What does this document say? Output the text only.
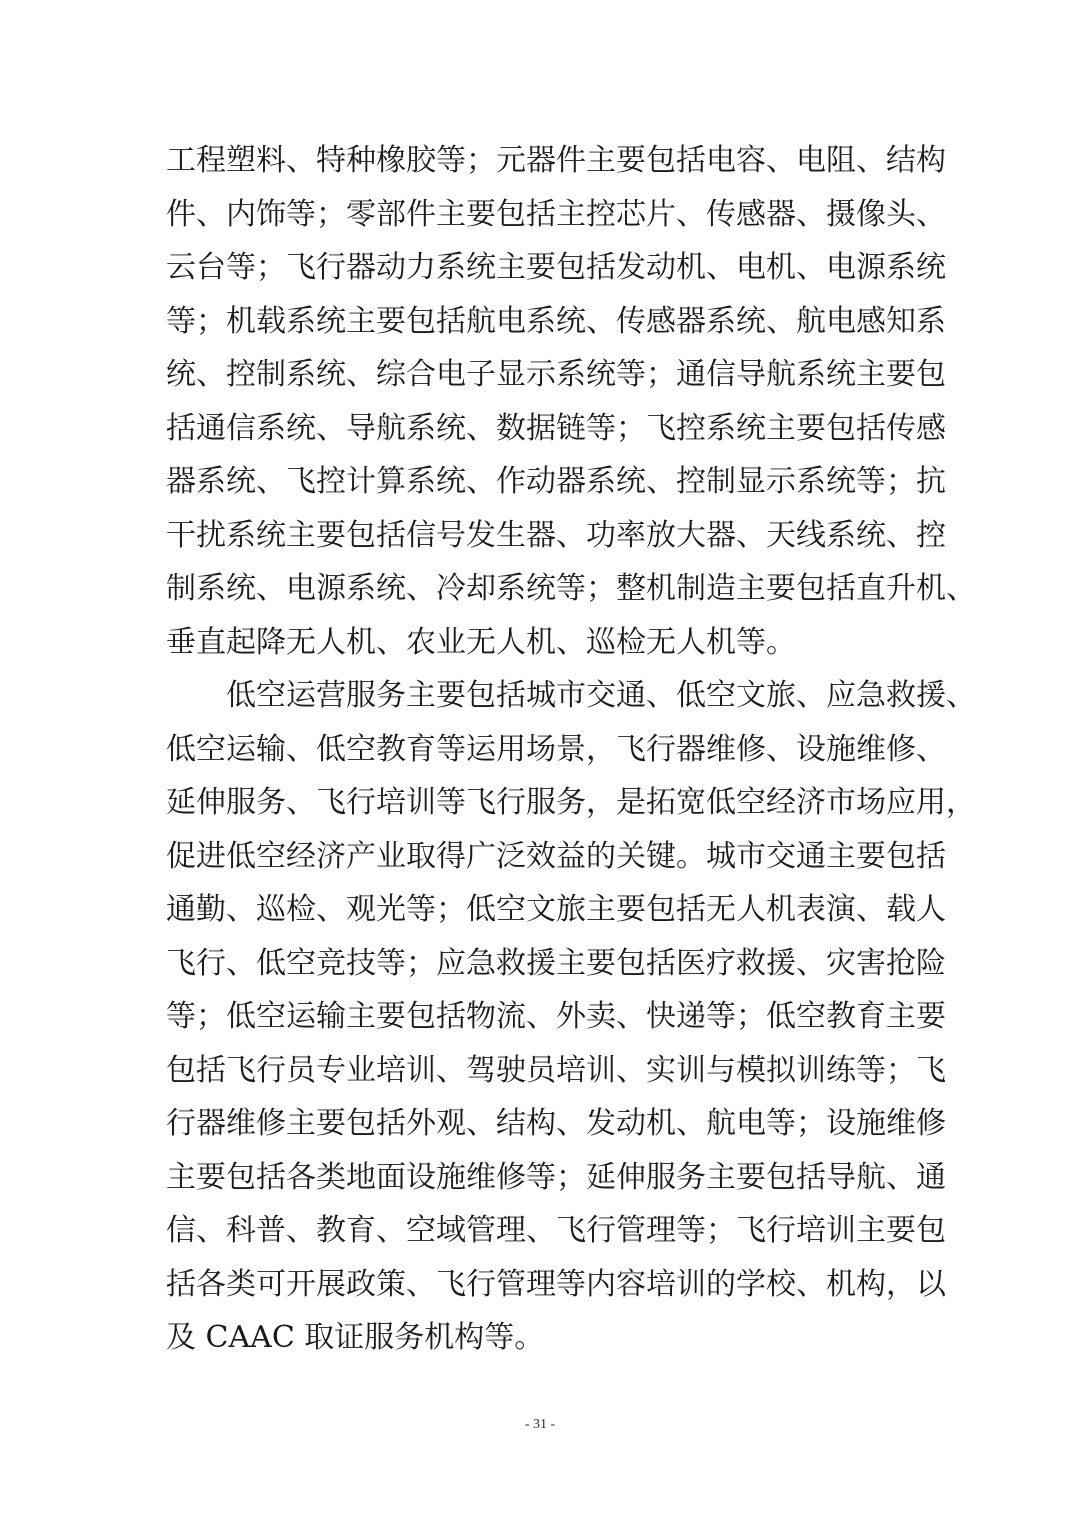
工程塑料、特种橡胶等；元器件主要包括电容、电阻、结构
件、内饰等；零部件主要包括主控芯片、传感器、摄像头、
云台等；飞行器动力系统主要包括发动机、电机、电源系统
等；机载系统主要包括航电系统、传感器系统、航电感知系
统、控制系统、综合电子显示系统等；通信导航系统主要包
括通信系统、导航系统、数据链等；飞控系统主要包括传感
器系统、飞控计算系统、作动器系统、控制显示系统等；抗
干扰系统主要包括信号发生器、功率放大器、天线系统、控
制系统、电源系统、冷却系统等；整机制造主要包括直升机、
垂直起降无人机、农业无人机、巡检无人机等。
低空运营服务主要包括城市交通、低空文旅、应急救援、
低空运输、低空教育等运用场景，飞行器维修、设施维修、
延伸服务、飞行培训等飞行服务，是拓宽低空经济市场应用，
促进低空经济产业取得广泛效益的关键。城市交通主要包括
通勤、巡检、观光等；低空文旅主要包括无人机表演、载人
飞行、低空竞技等；应急救援主要包括医疗救援、灾害抢险
等；低空运输主要包括物流、外卖、快递等；低空教育主要
包括飞行员专业培训、驾驶员培训、实训与模拟训练等；飞
行器维修主要包括外观、结构、发动机、航电等；设施维修
主要包括各类地面设施维修等；延伸服务主要包括导航、通
信、科普、教育、空域管理、飞行管理等；飞行培训主要包
括各类可开展政策、飞行管理等内容培训的学校、机构，以
及 CAAC 取证服务机构等。
- 31 -
